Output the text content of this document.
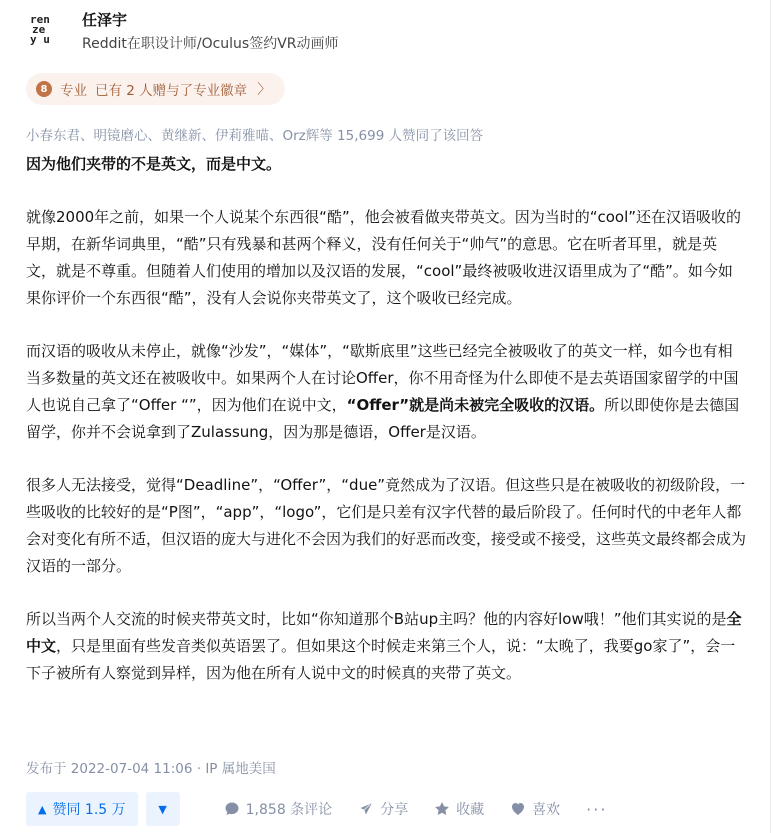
ren
ze
y u
任泽宇
Reddit在职设计师/Oculus签约VR动画师
8 专业 已有 2 人赠与了专业徽章 〉
小春东君、明镜磨心、黄继新、伊莉雅喵、Orz辉等 15,699 人赞同了该回答

因为他们夹带的不是英文，而是中文。

就像2000年之前，如果一个人说某个东西很“酷”，他会被看做夹带英文。因为当时的“cool”还在汉语吸收的早期，在新华词典里，“酷”只有残暴和甚两个释义，没有任何关于“帅气”的意思。它在听者耳里，就是英文，就是不尊重。但随着人们使用的增加以及汉语的发展，“cool”最终被吸收进汉语里成为了“酷”。如今如果你评价一个东西很“酷”，没有人会说你夹带英文了，这个吸收已经完成。

而汉语的吸收从未停止，就像“沙发”，“媒体”，“歇斯底里”这些已经完全被吸收了的英文一样，如今也有相当多数量的英文还在被吸收中。如果两个人在讨论Offer，你不用奇怪为什么即使不是去英语国家留学的中国人也说自己拿了“Offer “”，因为他们在说中文，“Offer”就是尚未被完全吸收的汉语。所以即使你是去德国留学，你并不会说拿到了Zulassung，因为那是德语，Offer是汉语。

很多人无法接受，觉得“Deadline”，“Offer”，“due”竟然成为了汉语。但这些只是在被吸收的初级阶段，一些吸收的比较好的是“P图”，“app”，“logo”，它们是只差有汉字代替的最后阶段了。任何时代的中老年人都会对变化有所不适，但汉语的庞大与进化不会因为我们的好恶而改变，接受或不接受，这些英文最终都会成为汉语的一部分。

所以当两个人交流的时候夹带英文时，比如“你知道那个B站up主吗？他的内容好low哦！”他们其实说的是全中文，只是里面有些发音类似英语罢了。但如果这个时候走来第三个人，说：“太晚了，我要go家了”，会一下子被所有人察觉到异样，因为他在所有人说中文的时候真的夹带了英文。

发布于 2022-07-04 11:06 · IP 属地美国
▲ 赞同 1.5 万	▼	1,858 条评论	分享	收藏	喜欢 ···
